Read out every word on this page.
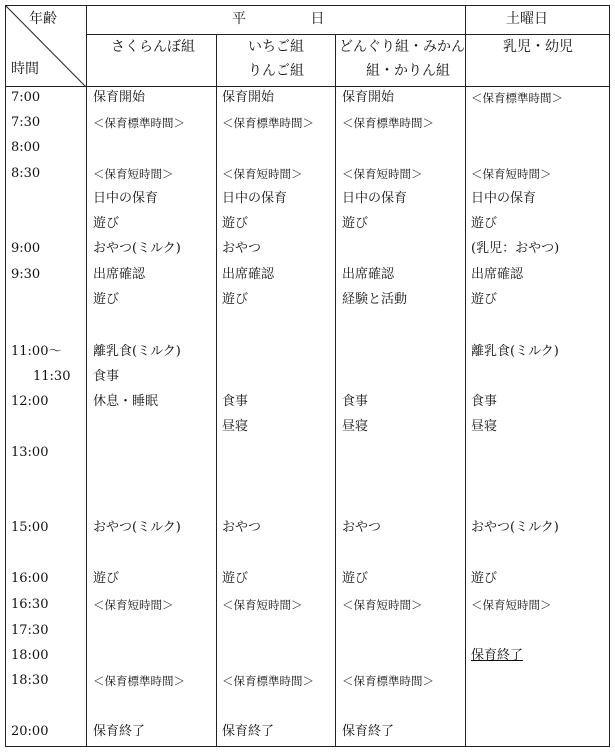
年齢
時間
平 日	土曜日
さくらんぼ組	いちご組
りんご組
どんぐり組・みかん
組・かりん組
乳児・幼児
7:00
7:30
8:00
8:30
9:00
9:30
11:00〜
11:30
12:00
13:00
15:00
16:00
16:30
17:30
18:00
18:30
20:00
保育開始
＜保育標準時間＞
＜保育短時間＞
日中の保育
遊び
おやつ(ミルク)
出席確認
遊び
離乳食(ミルク)
食事
休息・睡眠
おやつ(ミルク)
遊び
＜保育短時間＞
＜保育標準時間＞
保育終了
保育開始
＜保育標準時間＞
＜保育短時間＞
日中の保育
遊び
おやつ
出席確認
遊び
食事
昼寝
おやつ
遊び
＜保育短時間＞
＜保育標準時間＞
保育終了
保育開始
＜保育標準時間＞
＜保育短時間＞
日中の保育
遊び
出席確認
経験と活動
食事
昼寝
おやつ
遊び
＜保育短時間＞
＜保育標準時間＞
保育終了
＜保育標準時間＞
＜保育短時間＞
日中の保育
遊び
(乳児：おやつ)
出席確認
遊び
離乳食(ミルク)
食事
昼寝
おやつ(ミルク)
遊び
＜保育短時間＞
保育終了
